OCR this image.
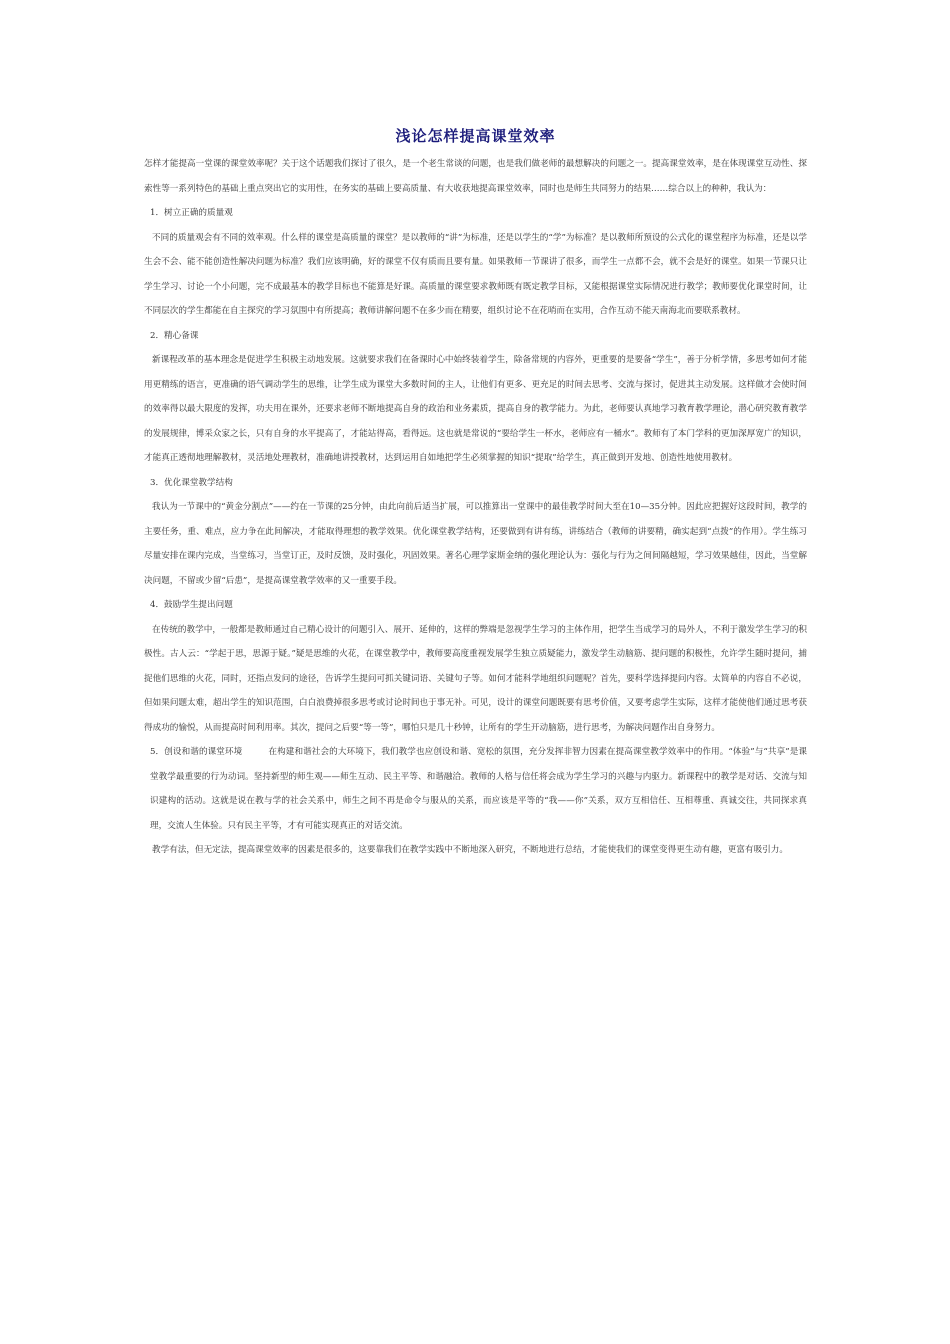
浅论怎样提高课堂效率

怎样才能提高一堂课的课堂效率呢？关于这个话题我们探讨了很久，是一个老生常谈的问题，也是我们做老师的最想解决的问题之一。提高课堂效率，是在体现课堂互动性、探索性等一系列特色的基础上重点突出它的实用性，在务实的基础上要高质量、有大收获地提高课堂效率，同时也是师生共同努力的结果……综合以上的种种，我认为：

1．树立正确的质量观

不同的质量观会有不同的效率观。什么样的课堂是高质量的课堂？是以教师的“讲”为标准，还是以学生的“学”为标准？是以教师所预设的公式化的课堂程序为标准，还是以学生会不会、能不能创造性解决问题为标准？我们应该明确，好的课堂不仅有质而且要有量。如果教师一节课讲了很多，而学生一点都不会，就不会是好的课堂。如果一节课只让学生学习、讨论一个小问题，完不成最基本的教学目标也不能算是好课。高质量的课堂要求教师既有既定教学目标，又能根据课堂实际情况进行教学；教师要优化课堂时间，让不同层次的学生都能在自主探究的学习氛围中有所提高；教师讲解问题不在多少而在精要，组织讨论不在花哨而在实用，合作互动不能天南海北而要联系教材。

2．精心备课

新课程改革的基本理念是促进学生积极主动地发展。这就要求我们在备课时心中始终装着学生，除备常规的内容外，更重要的是要备“学生”，善于分析学情，多思考如何才能用更精练的语言，更准确的语气调动学生的思维，让学生成为课堂大多数时间的主人，让他们有更多、更充足的时间去思考、交流与探讨，促进其主动发展。这样做才会使时间的效率得以最大限度的发挥，功夫用在课外，还要求老师不断地提高自身的政治和业务素质，提高自身的教学能力。为此，老师要认真地学习教育教学理论，潜心研究教育教学的发展规律，博采众家之长，只有自身的水平提高了，才能站得高，看得远。这也就是常说的“要给学生一杯水，老师应有一桶水”。教师有了本门学科的更加深厚宽广的知识，才能真正透彻地理解教材，灵活地处理教材，准确地讲授教材，达到运用自如地把学生必须掌握的知识“提取”给学生，真正做到开发地、创造性地使用教材。

3．优化课堂教学结构

我认为一节课中的“黄金分割点”——约在一节课的25分钟，由此向前后适当扩展，可以推算出一堂课中的最佳教学时间大至在10—35分钟。因此应把握好这段时间，教学的主要任务，重、难点，应力争在此间解决，才能取得理想的教学效果。优化课堂教学结构，还要做到有讲有练，讲练结合（教师的讲要精，确实起到“点拨”的作用）。学生练习尽量安排在课内完成，当堂练习，当堂订正，及时反馈，及时强化，巩固效果。著名心理学家斯金纳的强化理论认为：强化与行为之间间隔越短，学习效果越佳，因此，当堂解决问题，不留或少留“后患”，是提高课堂教学效率的又一重要手段。

4．鼓励学生提出问题

在传统的教学中，一般都是教师通过自己精心设计的问题引入、展开、延伸的，这样的弊端是忽视学生学习的主体作用，把学生当成学习的局外人，不利于激发学生学习的积极性。古人云：“学起于思，思源于疑。”疑是思维的火花，在课堂教学中，教师要高度重视发展学生独立质疑能力，激发学生动脑筋、提问题的积极性，允许学生随时提问，捕捉他们思维的火花，同时，还指点发问的途径，告诉学生提问可抓关键词语、关键句子等。如何才能科学地组织问题呢？首先，要科学选择提问内容。太简单的内容自不必说，但如果问题太难，超出学生的知识范围，白白浪费掉很多思考或讨论时间也于事无补。可见，设计的课堂问题既要有思考价值，又要考虑学生实际，这样才能使他们通过思考获得成功的愉悦，从而提高时间利用率。其次，提问之后要“等一等”，哪怕只是几十秒钟，让所有的学生开动脑筋，进行思考，为解决问题作出自身努力。

5．创设和谐的课堂环境　　　	在构建和谐社会的大环境下，我们教学也应创设和谐、宽松的氛围，充分发挥非智力因素在提高课堂教学效率中的作用。“体验”与“共享”是课堂教学最重要的行为动词。坚持新型的师生观——师生互动、民主平等、和谐融洽。教师的人格与信任将会成为学生学习的兴趣与内驱力。新课程中的教学是对话、交流与知识建构的活动。这就是说在教与学的社会关系中，师生之间不再是命令与服从的关系，而应该是平等的“我——你”关系，双方互相信任、互相尊重、真诚交往，共同探求真理，交流人生体验。只有民主平等，才有可能实现真正的对话交流。

教学有法，但无定法，提高课堂效率的因素是很多的，这要靠我们在教学实践中不断地深入研究，不断地进行总结，才能使我们的课堂变得更生动有趣，更富有吸引力。
